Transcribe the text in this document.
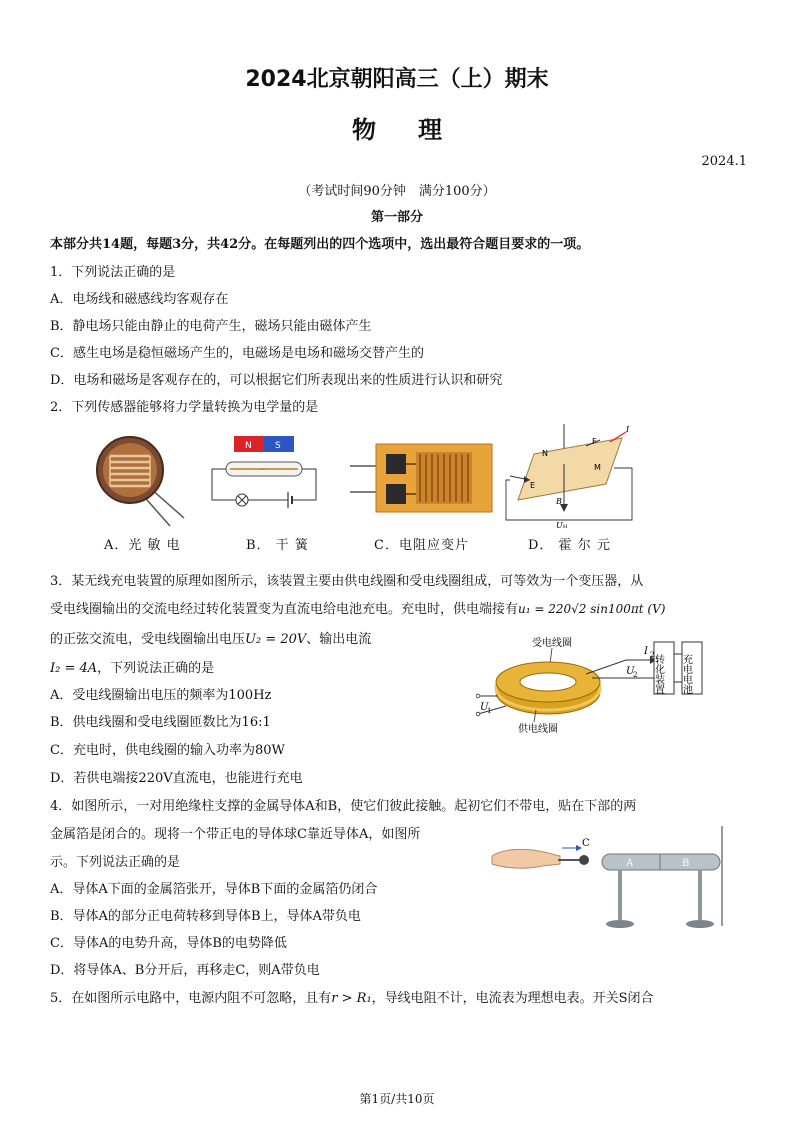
2024北京朝阳高三（上）期末
物理
2024.1
（考试时间90分钟　满分100分）
第一部分
本部分共14题，每题3分，共42分。在每题列出的四个选项中，选出最符合题目要求的一项。
1．下列说法正确的是
A．电场线和磁感线均客观存在
B．静电场只能由静止的电荷产生，磁场只能由磁体产生
C．感生电场是稳恒磁场产生的，电磁场是电场和磁场交替产生的
D．电场和磁场是客观存在的，可以根据它们所表现出来的性质进行认识和研究
2．下列传感器能够将力学量转换为电学量的是
N	S
N
M
F
I
E
B
U H
A．光 敏 电	B． 干 簧	C．电阻应变片	D． 霍 尔 元
3．某无线充电装置的原理如图所示，该装置主要由供电线圈和受电线圈组成，可等效为一个变压器，从
受电线圈输出的交流电经过转化装置变为直流电给电池充电。充电时，供电端接有u₁ = 220√2 sin100πt (V)
的正弦交流电，受电线圈输出电压U₂ = 20V、输出电流
I₂ = 4A，下列说法正确的是
A．受电线圈输出电压的频率为100Hz
B．供电线圈和受电线圈匝数比为16:1
C．充电时，供电线圈的输入功率为80W
D．若供电端接220V直流电，也能进行充电
受电线圈
I 2
U
2 转化装置 充电电池
U
1
供电线圈
4．如图所示，一对用绝缘柱支撑的金属导体A和B，使它们彼此接触。起初它们不带电，贴在下部的两
金属箔是闭合的。现将一个带正电的导体球C靠近导体A，如图所
示。下列说法正确的是
A．导体A下面的金属箔张开，导体B下面的金属箔仍闭合
B．导体A的部分正电荷转移到导体B上，导体A带负电
C．导体A的电势升高，导体B的电势降低
D．将导体A、B分开后，再移走C，则A带负电
C
A	B
5．在如图所示电路中，电源内阻不可忽略，且有r > R₁，导线电阻不计，电流表为理想电表。开关S闭合
第1页/共10页
